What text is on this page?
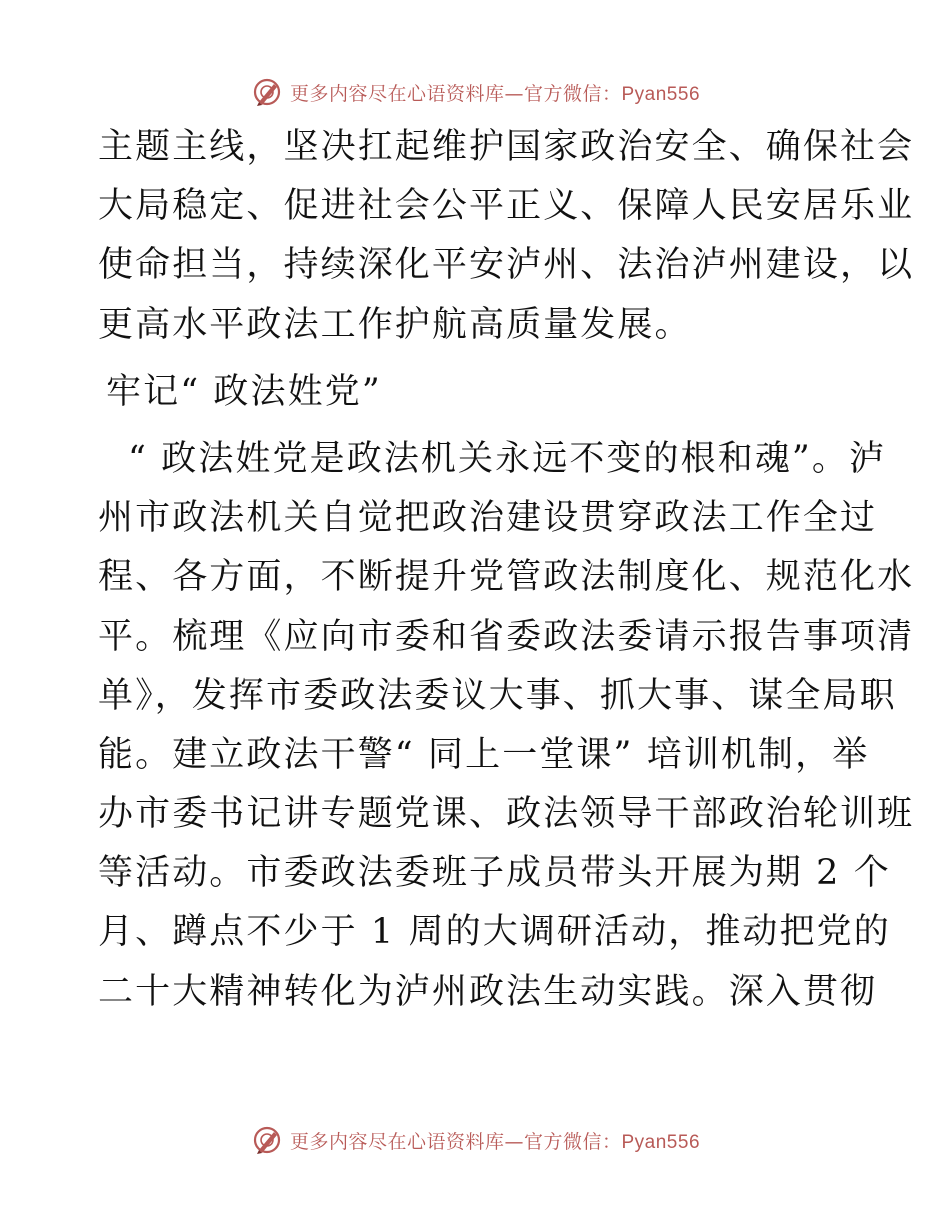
更多内容尽在心语资料库—官方微信：Pyan556
主题主线，坚决扛起维护国家政治安全、确保社会
大局稳定、促进社会公平正义、保障人民安居乐业
使命担当，持续深化平安泸州、法治泸州建设，以
更高水平政法工作护航高质量发展。
牢记“ 政法姓党”
“ 政法姓党是政法机关永远不变的根和魂”。泸
州市政法机关自觉把政治建设贯穿政法工作全过
程、各方面，不断提升党管政法制度化、规范化水
平。梳理《应向市委和省委政法委请示报告事项清
单》，发挥市委政法委议大事、抓大事、谋全局职
能。建立政法干警“ 同上一堂课” 培训机制，举
办市委书记讲专题党课、政法领导干部政治轮训班
等活动。市委政法委班子成员带头开展为期 2 个
月、蹲点不少于 1 周的大调研活动，推动把党的
二十大精神转化为泸州政法生动实践。深入贯彻
更多内容尽在心语资料库—官方微信：Pyan556
